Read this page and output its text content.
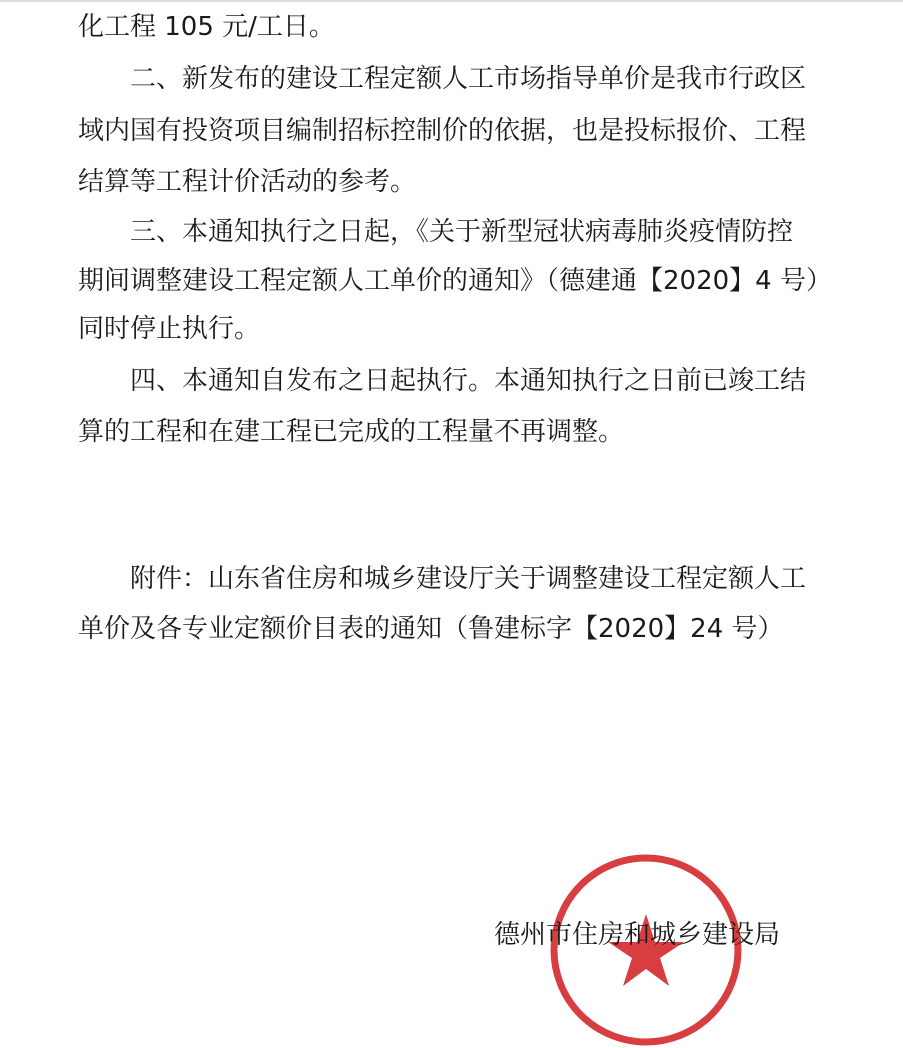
化工程 105 元/工日。
二、新发布的建设工程定额人工市场指导单价是我市行政区
域内国有投资项目编制招标控制价的依据，也是投标报价、工程
结算等工程计价活动的参考。
三、本通知执行之日起，《关于新型冠状病毒肺炎疫情防控
期间调整建设工程定额人工单价的通知》（德建通【2020】4 号）
同时停止执行。
四、本通知自发布之日起执行。本通知执行之日前已竣工结
算的工程和在建工程已完成的工程量不再调整。
附件：山东省住房和城乡建设厅关于调整建设工程定额人工
单价及各专业定额价目表的通知（鲁建标字【2020】24 号）
德州市住房和城乡建设局
